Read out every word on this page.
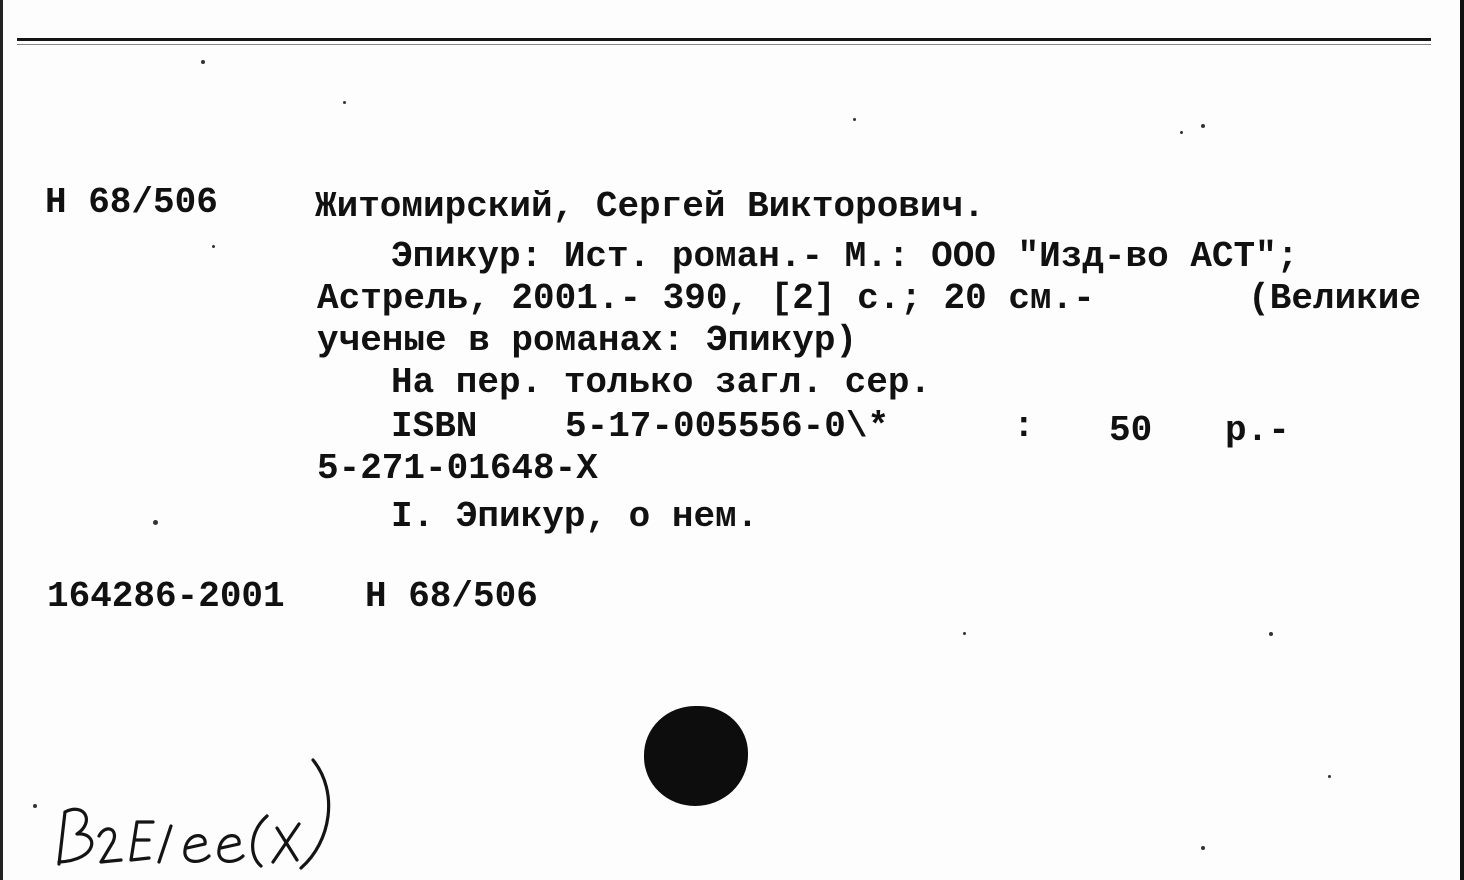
Н 68/506	Житомирский, Сергей Викторович.
Эпикур: Ист. роман.- М.: ООО "Изд-во АСТ";
Астрель, 2001.- 390, [2] с.; 20 см.-	(Великие
ученые в романах: Эпикур)
На пер. только загл. сер.
ISBN 5-17-005556-0\*	: 50 р.-
5-271-01648-X
I. Эпикур, о нем.
164286-2001 Н 68/506
